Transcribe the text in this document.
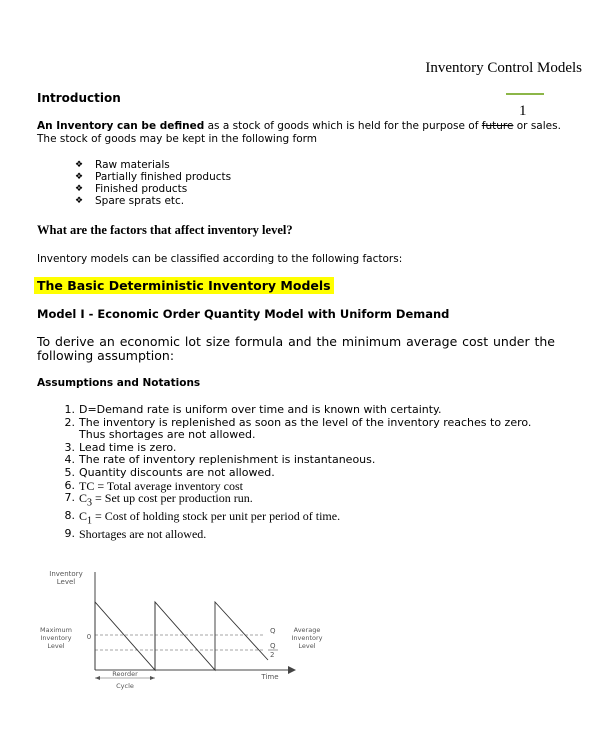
Inventory Control Models
1
Introduction
An Inventory can be defined as a stock of goods which is held for the purpose of future or sales. The stock of goods may be kept in the following form
❖	Raw materials
❖	Partially finished products
❖	Finished products
❖	Spare sprats etc.
What are the factors that affect inventory level?
Inventory models can be classified according to the following factors:
The Basic Deterministic Inventory Models
Model I - Economic Order Quantity Model with Uniform Demand
To derive an economic lot size formula and the minimum average cost under the following assumption:
Assumptions and Notations
1. D=Demand rate is uniform over time and is known with certainty.
2. The inventory is replenished as soon as the level of the inventory reaches to zero. Thus shortages are not allowed.
3. Lead time is zero.
4. The rate of inventory replenishment is instantaneous.
5. Quantity discounts are not allowed.
6. TC = Total average inventory cost
7. $C_3$ = Set up cost per production run.
8. $C_1$ = Cost of holding stock per unit per period of time.
9. Shortages are not allowed.
Inventory
Level
Maximum
Inventory
Level
0
Q
Q
2
Average
Inventory
Level
Reorder
Cycle
Time
